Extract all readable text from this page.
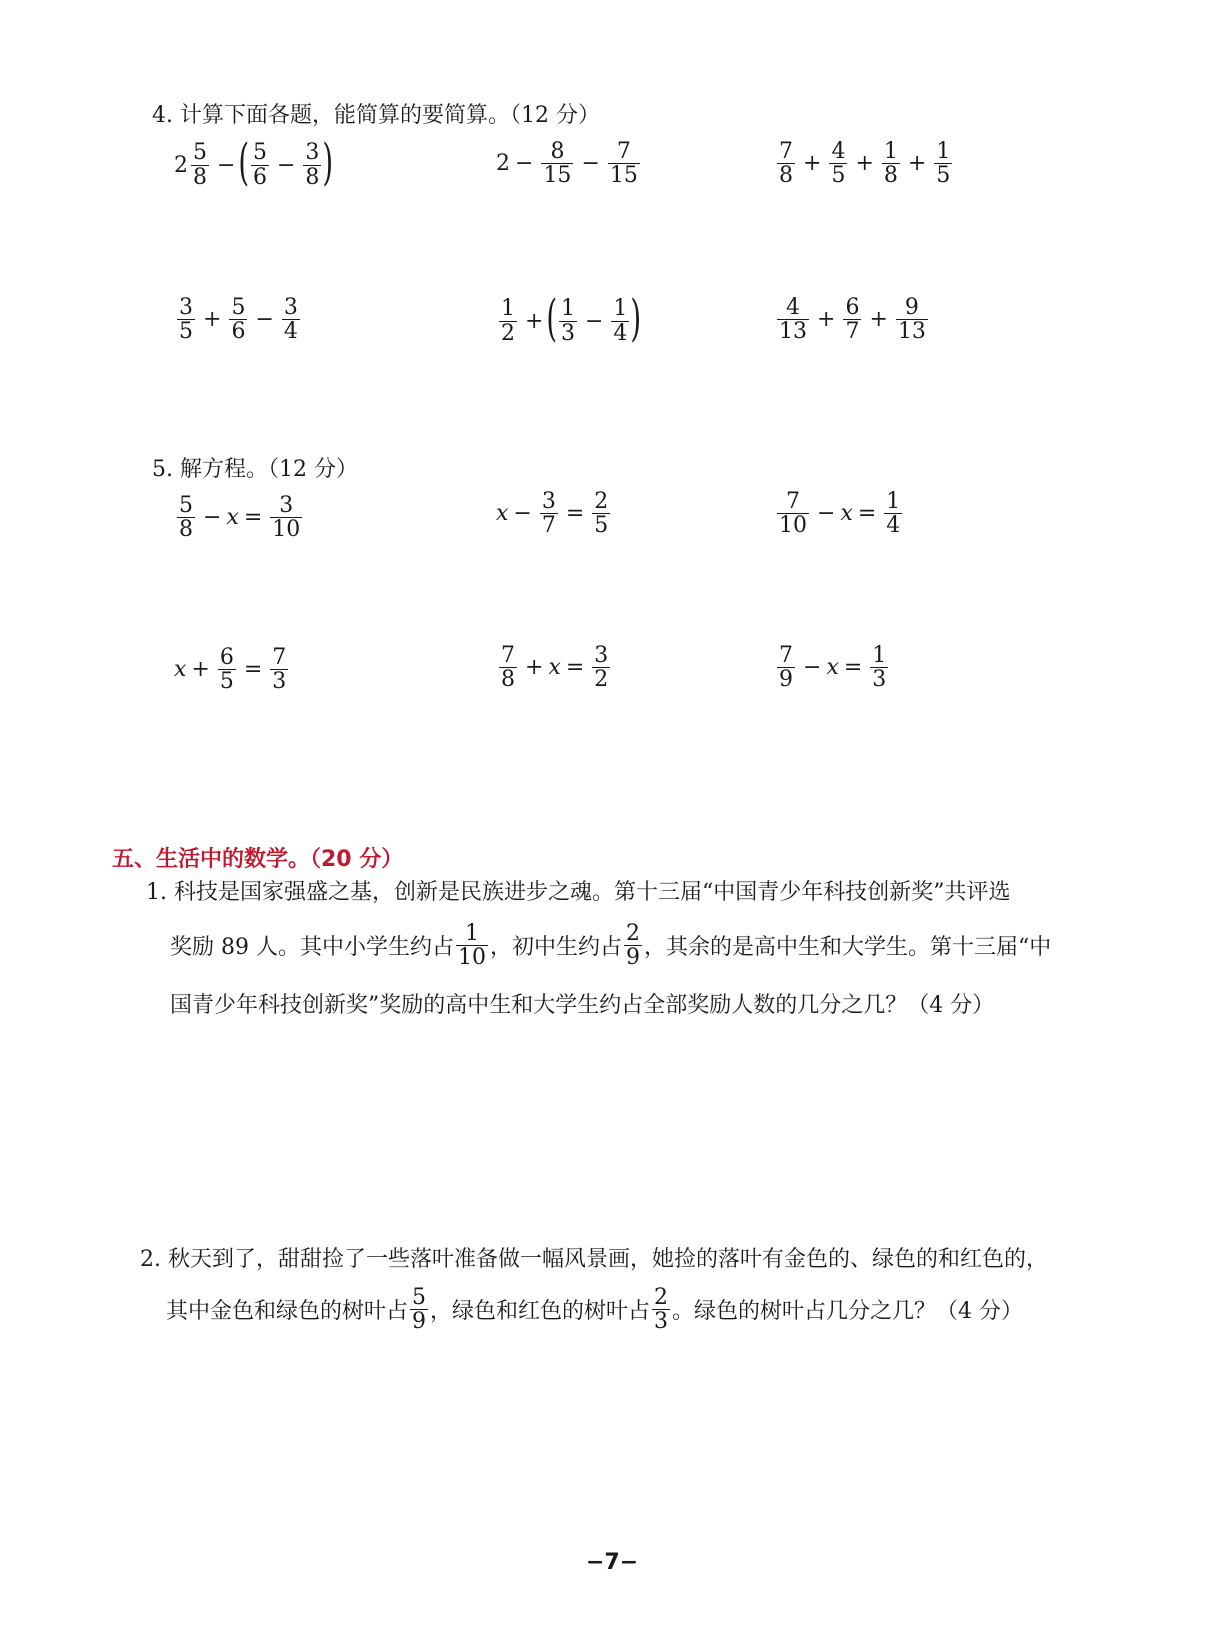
4. 计算下面各题，能简算的要简算。（12 分）
$2 \frac{5}{8}$ − ( $\frac{5}{6} - \frac{3}{8}$ )	$2 - \frac{8}{15} - \frac{7}{15}$	$\frac{7}{8} + \frac{4}{5} + \frac{1}{8} + \frac{1}{5}$
$\frac{3}{5} + \frac{5}{6} - \frac{3}{4}$	$\frac{1}{2}$ + ( $\frac{1}{3} - \frac{1}{4}$ )	$\frac{4}{13} + \frac{6}{7} + \frac{9}{13}$
5. 解方程。（12 分）
$\frac{5}{8} - x = \frac{3}{10}$	$x - \frac{3}{7} = \frac{2}{5}$	$\frac{7}{10} - x = \frac{1}{4}$
$x + \frac{6}{5} = \frac{7}{3}$	$\frac{7}{8} + x = \frac{3}{2}$	$\frac{7}{9} - x = \frac{1}{3}$
五、生活中的数学。（20 分）
1. 科技是国家强盛之基，创新是民族进步之魂。第十三届“中国青少年科技创新奖”共评选
奖励 89 人。其中小学生约占 $\frac{1}{10}$ ，初中生约占 $\frac{2}{9}$ ，其余的是高中生和大学生。第十三届“中
国青少年科技创新奖”奖励的高中生和大学生约占全部奖励人数的几分之几？（4 分）
2. 秋天到了，甜甜捡了一些落叶准备做一幅风景画，她捡的落叶有金色的、绿色的和红色的，
其中金色和绿色的树叶占 $\frac{5}{9}$ ，绿色和红色的树叶占 $\frac{2}{3}$ 。绿色的树叶占几分之几？（4 分）
−7−
